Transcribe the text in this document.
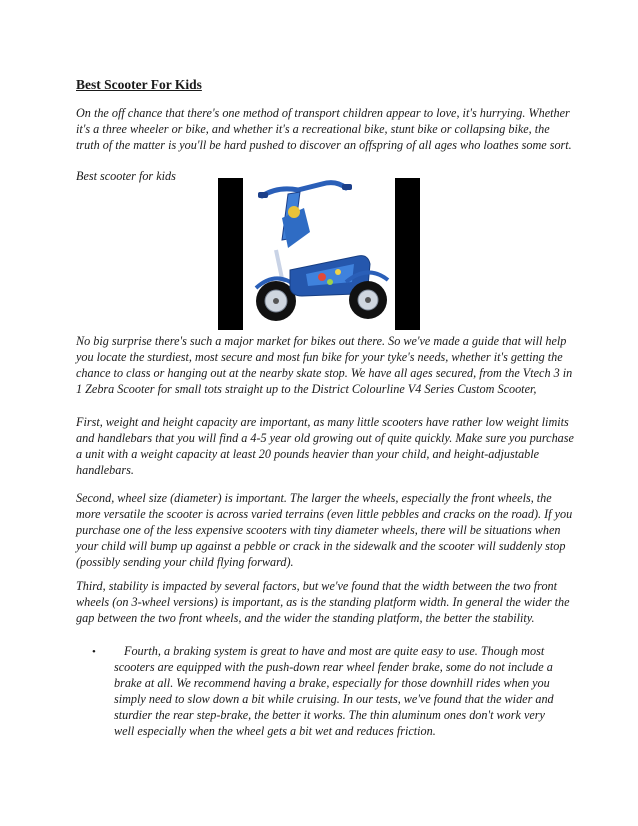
Best Scooter For Kids

On the off chance that there's one method of transport children appear to love, it's hurrying. Whether it's a three wheeler or bike, and whether it's a recreational bike, stunt bike or collapsing bike, the truth of the matter is you'll be hard pushed to discover an offspring of all ages who loathes some sort.

Best scooter for kids

No big surprise there's such a major market for bikes out there. So we've made a guide that will help you locate the sturdiest, most secure and most fun bike for your tyke's needs, whether it's getting the chance to class or hanging out at the nearby skate stop. We have all ages secured, from the Vtech 3 in 1 Zebra Scooter for small tots straight up to the District Colourline V4 Series Custom Scooter,

First, weight and height capacity are important, as many little scooters have rather low weight limits and handlebars that you will find a 4-5 year old growing out of quite quickly. Make sure you purchase a unit with a weight capacity at least 20 pounds heavier than your child, and height-adjustable handlebars.

Second, wheel size (diameter) is important. The larger the wheels, especially the front wheels, the more versatile the scooter is across varied terrains (even little pebbles and cracks on the road). If you purchase one of the less expensive scooters with tiny diameter wheels, there will be situations when your child will bump up against a pebble or crack in the sidewalk and the scooter will suddenly stop (possibly sending your child flying forward).

Third, stability is impacted by several factors, but we've found that the width between the two front wheels (on 3-wheel versions) is important, as is the standing platform width. In general the wider the gap between the two front wheels, and the wider the standing platform, the better the stability.

•	Fourth, a braking system is great to have and most are quite easy to use. Though most scooters are equipped with the push-down rear wheel fender brake, some do not include a brake at all. We recommend having a brake, especially for those downhill rides when you simply need to slow down a bit while cruising. In our tests, we've found that the wider and sturdier the rear step-brake, the better it works. The thin aluminum ones don't work very well especially when the wheel gets a bit wet and reduces friction.
